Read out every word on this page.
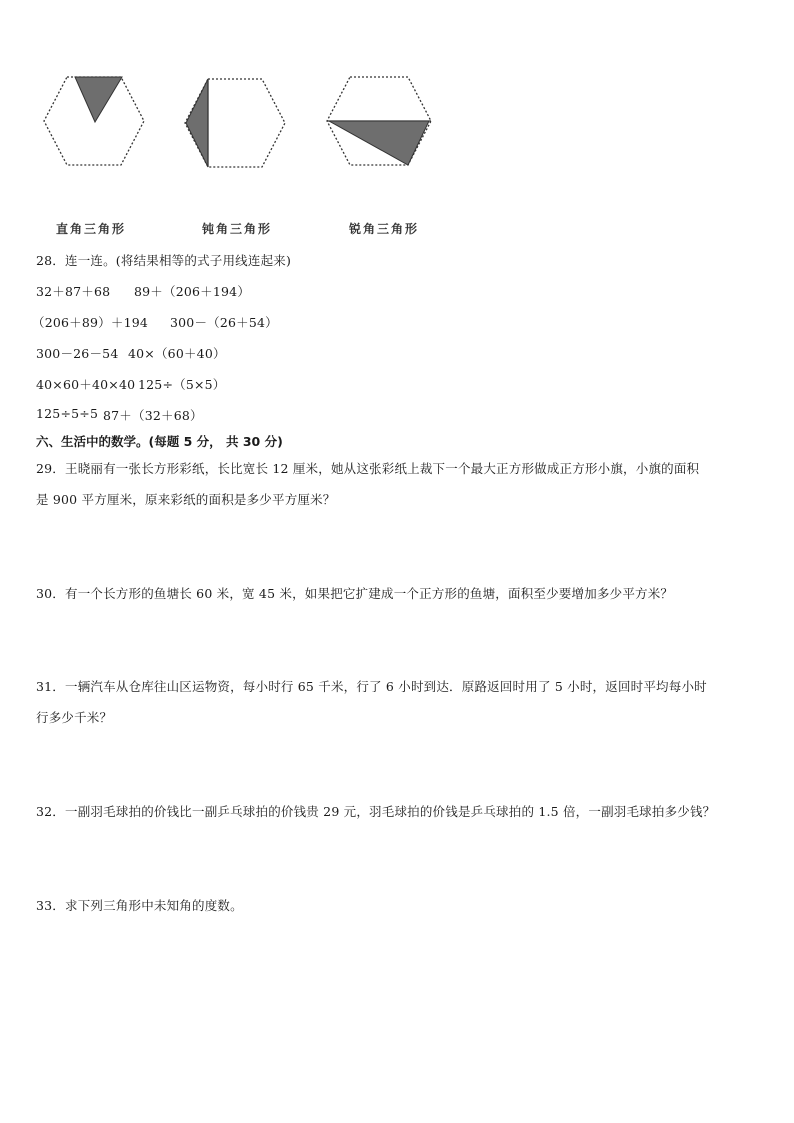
直角三角形	钝角三角形	锐角三角形
28．连一连。(将结果相等的式子用线连起来)
32＋87＋68 89＋（206＋194）
（206＋89）＋194 300－（26＋54）
300－26－54 40×（60＋40）
40×60＋40×40 125÷（5×5）
125÷5÷5 87＋（32＋68）
六、生活中的数学。(每题 5 分， 共 30 分)
29．王晓丽有一张长方形彩纸，长比宽长 12 厘米，她从这张彩纸上裁下一个最大正方形做成正方形小旗，小旗的面积
是 900 平方厘米，原来彩纸的面积是多少平方厘米？
30．有一个长方形的鱼塘长 60 米，宽 45 米，如果把它扩建成一个正方形的鱼塘，面积至少要增加多少平方米？
31．一辆汽车从仓库往山区运物资，每小时行 65 千米，行了 6 小时到达．原路返回时用了 5 小时，返回时平均每小时
行多少千米？
32．一副羽毛球拍的价钱比一副乒乓球拍的价钱贵 29 元，羽毛球拍的价钱是乒乓球拍的 1.5 倍，一副羽毛球拍多少钱？
33．求下列三角形中未知角的度数。
